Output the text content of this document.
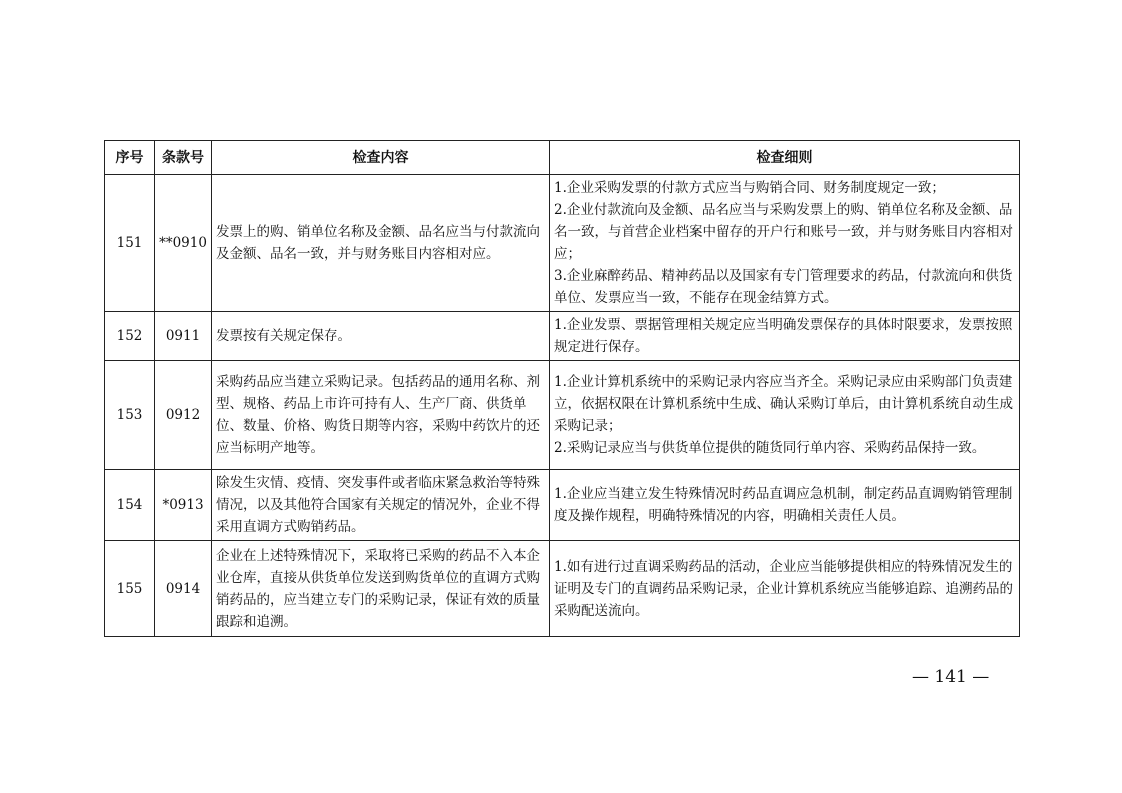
序号	条款号	检查内容	检查细则
151	**0910	发票上的购、销单位名称及金额、品名应当与付款流向及金额、品名一致，并与财务账目内容相对应。	1.企业采购发票的付款方式应当与购销合同、财务制度规定一致；
2.企业付款流向及金额、品名应当与采购发票上的购、销单位名称及金额、品名一致，与首营企业档案中留存的开户行和账号一致，并与财务账目内容相对应；
3.企业麻醉药品、精神药品以及国家有专门管理要求的药品，付款流向和供货单位、发票应当一致，不能存在现金结算方式。

152	0911	发票按有关规定保存。	1.企业发票、票据管理相关规定应当明确发票保存的具体时限要求，发票按照规定进行保存。

153	0912	采购药品应当建立采购记录。包括药品的通用名称、剂型、规格、药品上市许可持有人、生产厂商、供货单位、数量、价格、购货日期等内容，采购中药饮片的还应当标明产地等。	1.企业计算机系统中的采购记录内容应当齐全。采购记录应由采购部门负责建立，依据权限在计算机系统中生成、确认采购订单后，由计算机系统自动生成采购记录；
2.采购记录应当与供货单位提供的随货同行单内容、采购药品保持一致。

154	*0913	除发生灾情、疫情、突发事件或者临床紧急救治等特殊情况，以及其他符合国家有关规定的情况外，企业不得采用直调方式购销药品。	1.企业应当建立发生特殊情况时药品直调应急机制，制定药品直调购销管理制度及操作规程，明确特殊情况的内容，明确相关责任人员。

155	0914	企业在上述特殊情况下，采取将已采购的药品不入本企业仓库，直接从供货单位发送到购货单位的直调方式购销药品的，应当建立专门的采购记录，保证有效的质量跟踪和追溯。	1.如有进行过直调采购药品的活动，企业应当能够提供相应的特殊情况发生的证明及专门的直调药品采购记录，企业计算机系统应当能够追踪、追溯药品的采购配送流向。
— 141 —
